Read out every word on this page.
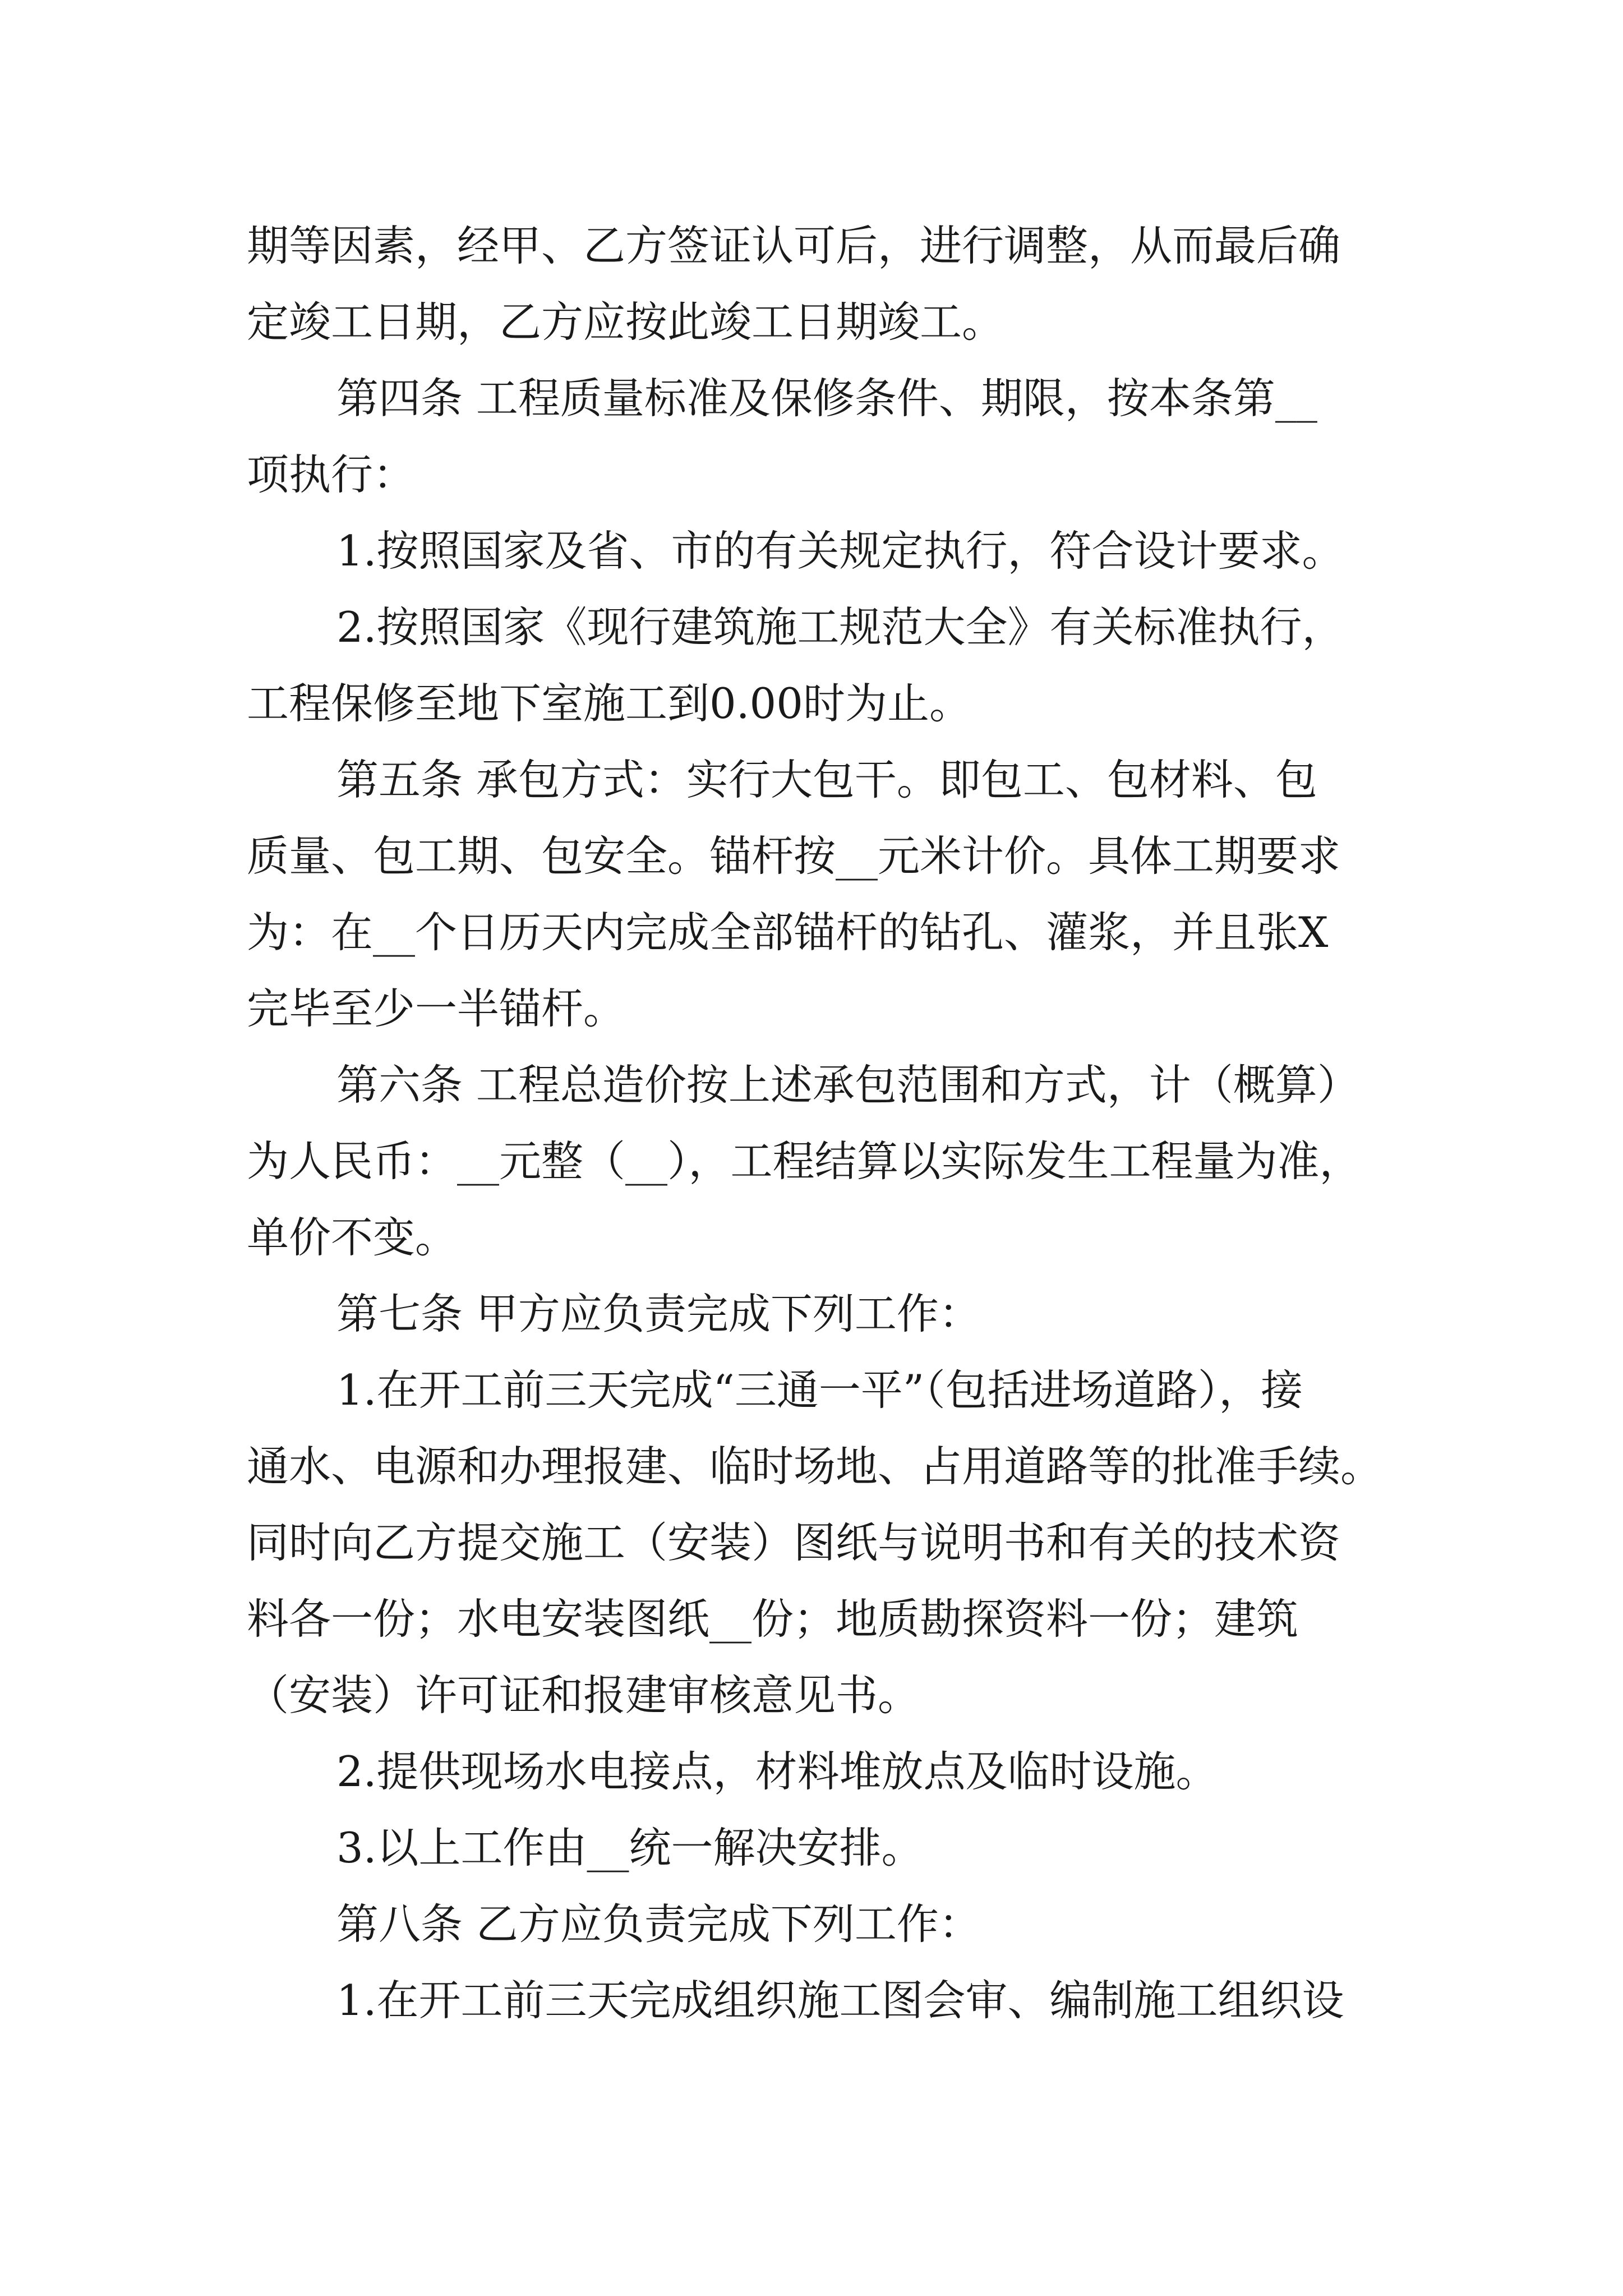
期等因素，经甲、乙方签证认可后，进行调整，从而最后确
定竣工日期，乙方应按此竣工日期竣工。
第四条 工程质量标准及保修条件、期限，按本条第__
项执行：
1.按照国家及省、市的有关规定执行，符合设计要求。
2.按照国家《现行建筑施工规范大全》有关标准执行，
工程保修至地下室施工到0.00时为止。
第五条 承包方式：实行大包干。即包工、包材料、包
质量、包工期、包安全。锚杆按__元米计价。具体工期要求
为：在__个日历天内完成全部锚杆的钻孔、灌浆，并且张X
完毕至少一半锚杆。
第六条 工程总造价按上述承包范围和方式，计（概算）
为人民币：__元整（__），工程结算以实际发生工程量为准，
单价不变。
第七条 甲方应负责完成下列工作：
1.在开工前三天完成“三通一平”（包括进场道路），接
通水、电源和办理报建、临时场地、占用道路等的批准手续。
同时向乙方提交施工（安装）图纸与说明书和有关的技术资
料各一份；水电安装图纸__份；地质勘探资料一份；建筑
（安装）许可证和报建审核意见书。
2.提供现场水电接点，材料堆放点及临时设施。
3.以上工作由__统一解决安排。
第八条 乙方应负责完成下列工作：
1.在开工前三天完成组织施工图会审、编制施工组织设
